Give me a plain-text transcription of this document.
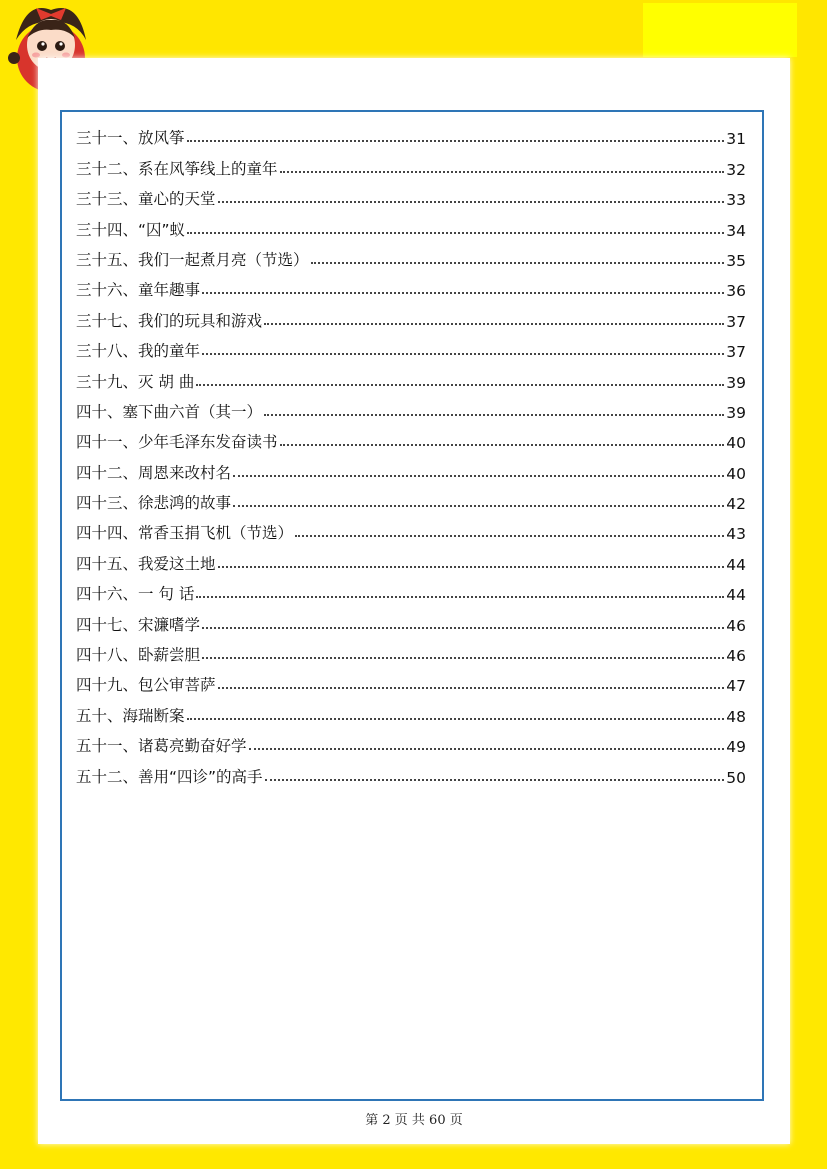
三十一、放风筝	31
三十二、系在风筝线上的童年	32
三十三、童心的天堂	33
三十四、“囚”蚁	34
三十五、我们一起煮月亮（节选）	35
三十六、童年趣事	36
三十七、我们的玩具和游戏	37
三十八、我的童年	37
三十九、灭 胡 曲	39
四十、塞下曲六首（其一）	39
四十一、少年毛泽东发奋读书	40
四十二、周恩来改村名	40
四十三、徐悲鸿的故事	42
四十四、常香玉捐飞机（节选）	43
四十五、我爱这土地	44
四十六、一 句 话	44
四十七、宋濂嗜学	46
四十八、卧薪尝胆	46
四十九、包公审菩萨	47
五十、海瑞断案	48
五十一、诸葛亮勤奋好学	49
五十二、善用“四诊”的高手	50
第 2 页 共 60 页
